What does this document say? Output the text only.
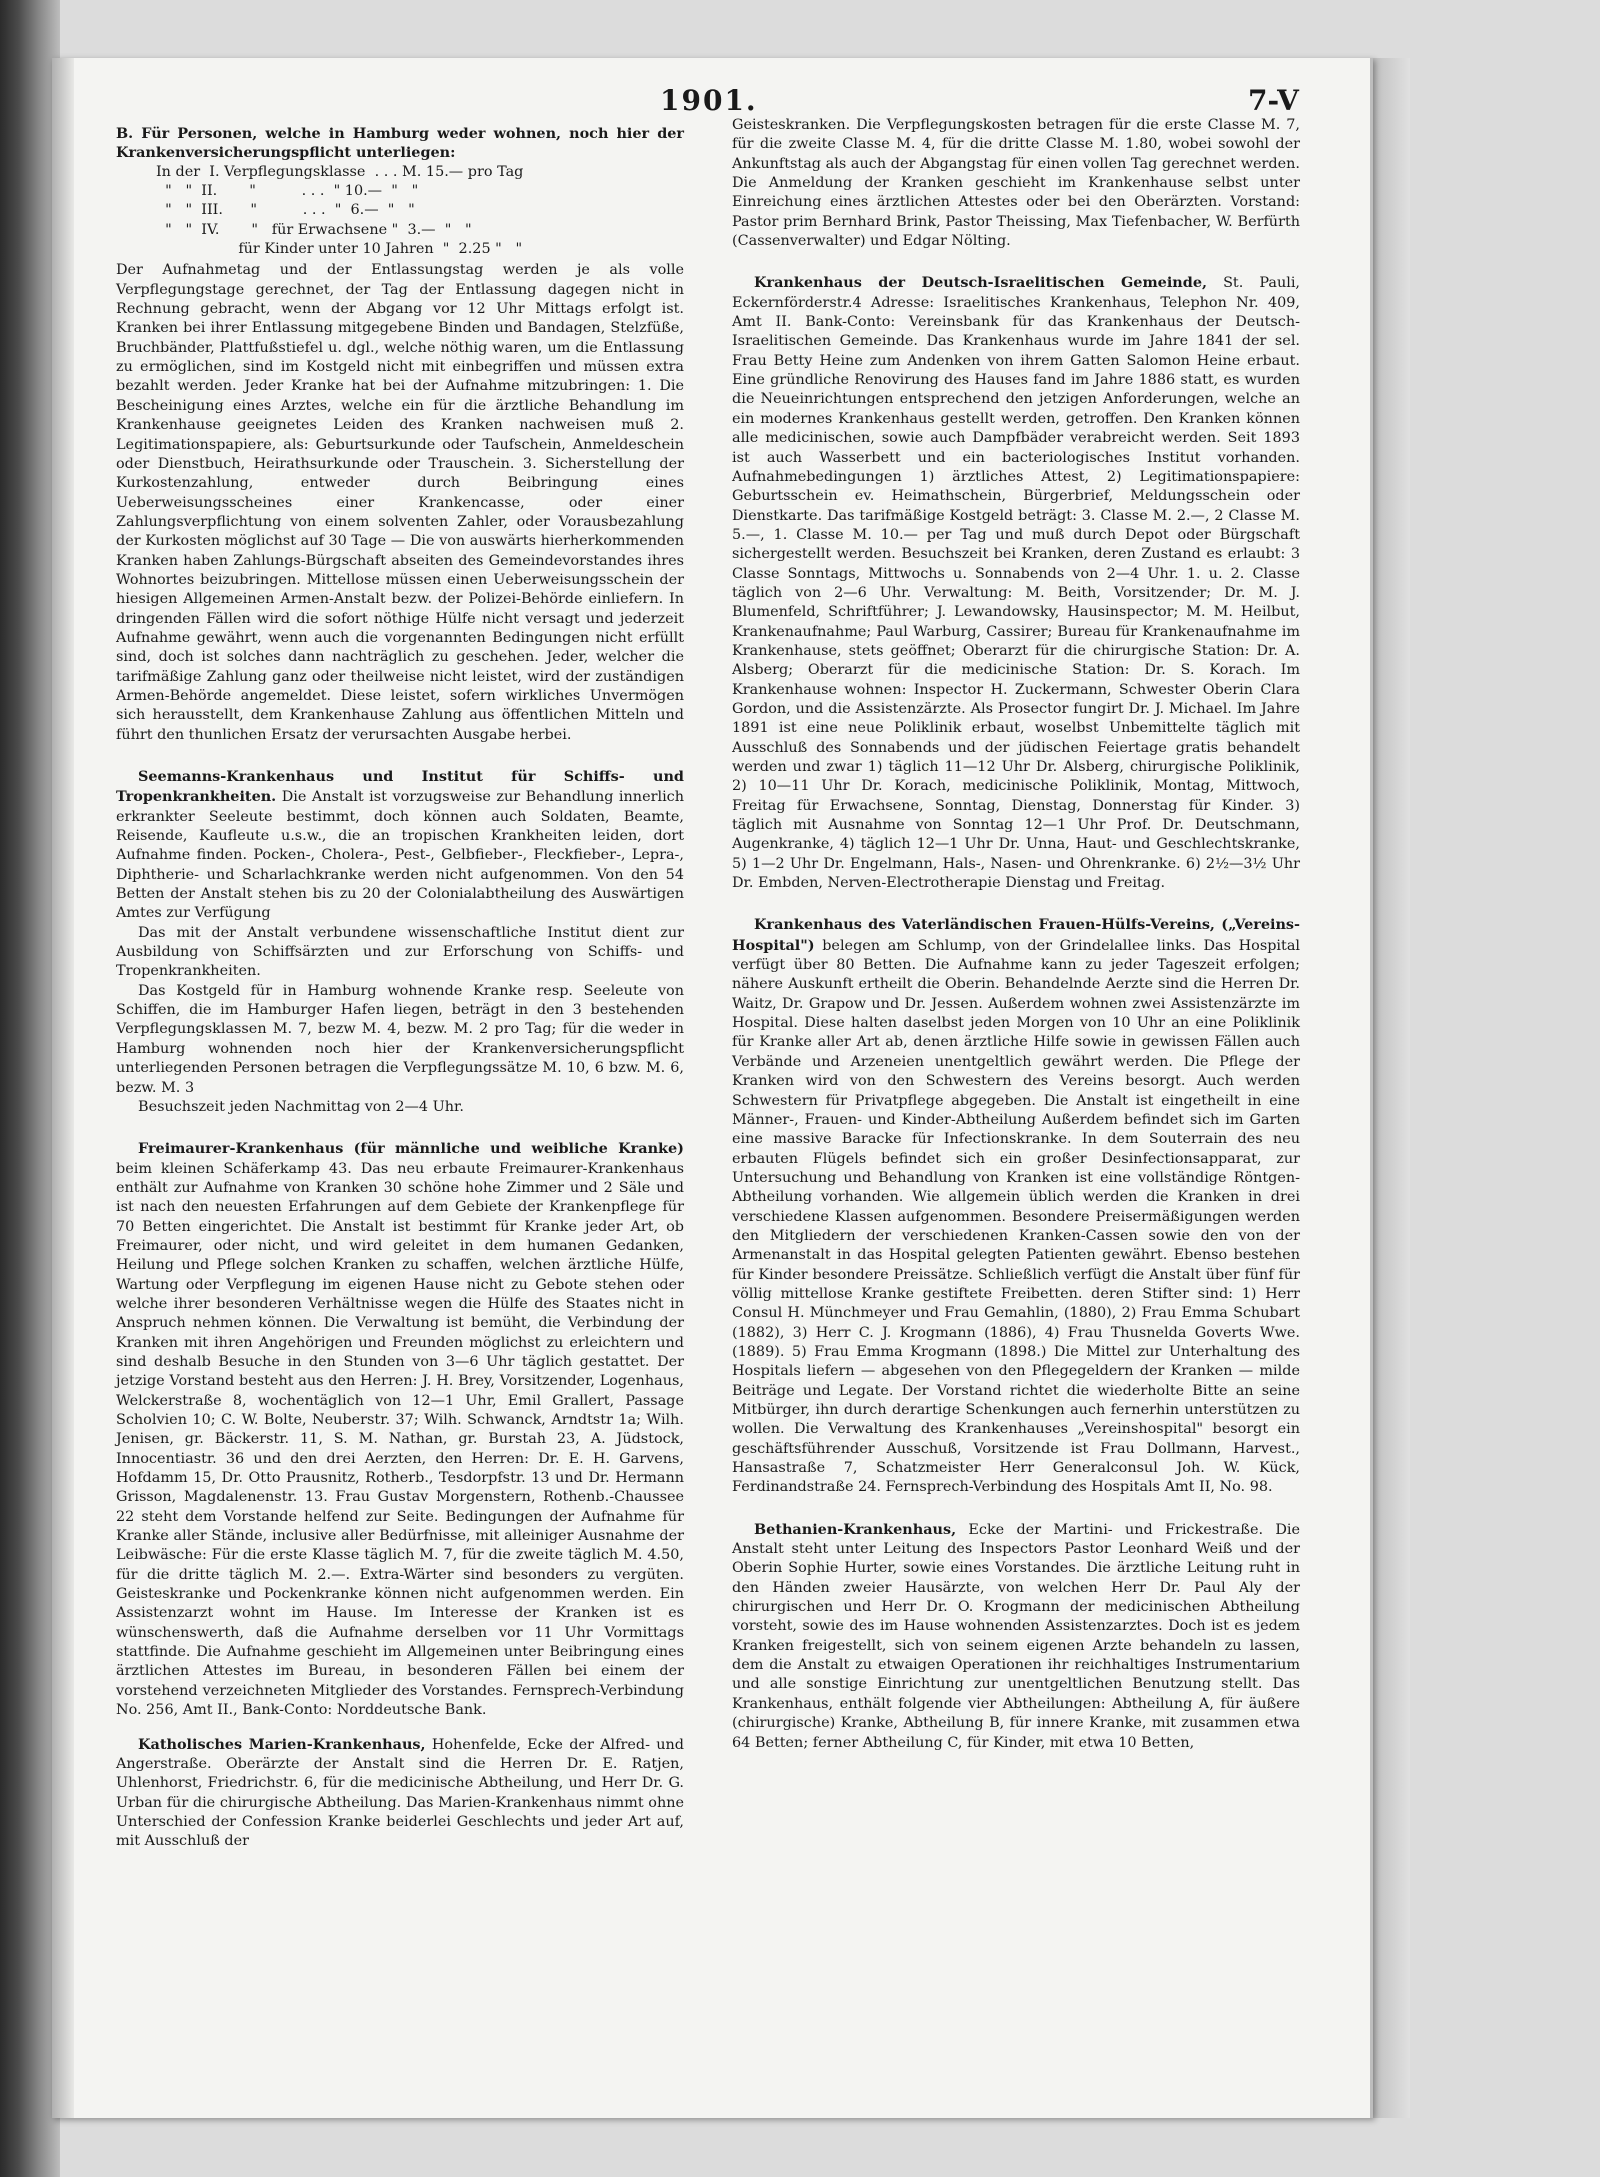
1901.	7-V

B. Für Personen, welche in Hamburg weder wohnen, noch hier der Krankenversicherungspflicht unterliegen:

In der  I. Verpflegungsklasse  . . . M. 15.— pro Tag
"   "  II.       "          . . .  " 10.—  "   "
"   "  III.      "          . . .  "  6.—  "   "
"   "  IV.       "   für Erwachsene "  3.—  "   "
für Kinder unter 10 Jahren  "  2.25 "   "

Der Aufnahmetag und der Entlassungstag werden je als volle Verpflegungstage gerechnet, der Tag der Entlassung dagegen nicht in Rechnung gebracht, wenn der Abgang vor 12 Uhr Mittags erfolgt ist. Kranken bei ihrer Entlassung mitgegebene Binden und Bandagen, Stelzfüße, Bruchbänder, Plattfußstiefel u. dgl., welche nöthig waren, um die Entlassung zu ermöglichen, sind im Kostgeld nicht mit einbegriffen und müssen extra bezahlt werden. Jeder Kranke hat bei der Aufnahme mitzubringen: 1. Die Bescheinigung eines Arztes, welche ein für die ärztliche Behandlung im Krankenhause geeignetes Leiden des Kranken nachweisen muß 2. Legitimationspapiere, als: Geburtsurkunde oder Taufschein, Anmeldeschein oder Dienstbuch, Heirathsurkunde oder Trauschein. 3. Sicherstellung der Kurkostenzahlung, entweder durch Beibringung eines Ueberweisungsscheines einer Krankencasse, oder einer Zahlungsverpflichtung von einem solventen Zahler, oder Vorausbezahlung der Kurkosten möglichst auf 30 Tage — Die von auswärts hierherkommenden Kranken haben Zahlungs-Bürgschaft abseiten des Gemeindevorstandes ihres Wohnortes beizubringen. Mittellose müssen einen Ueberweisungsschein der hiesigen Allgemeinen Armen-Anstalt bezw. der Polizei-Behörde einliefern. In dringenden Fällen wird die sofort nöthige Hülfe nicht versagt und jederzeit Aufnahme gewährt, wenn auch die vorgenannten Bedingungen nicht erfüllt sind, doch ist solches dann nachträglich zu geschehen. Jeder, welcher die tarifmäßige Zahlung ganz oder theilweise nicht leistet, wird der zuständigen Armen-Behörde angemeldet. Diese leistet, sofern wirkliches Unvermögen sich herausstellt, dem Krankenhause Zahlung aus öffentlichen Mitteln und führt den thunlichen Ersatz der verursachten Ausgabe herbei.

Seemanns-Krankenhaus und Institut für Schiffs- und Tropenkrankheiten. Die Anstalt ist vorzugsweise zur Behandlung innerlich erkrankter Seeleute bestimmt, doch können auch Soldaten, Beamte, Reisende, Kaufleute u.s.w., die an tropischen Krankheiten leiden, dort Aufnahme finden. Pocken-, Cholera-, Pest-, Gelbfieber-, Fleckfieber-, Lepra-, Diphtherie- und Scharlachkranke werden nicht aufgenommen. Von den 54 Betten der Anstalt stehen bis zu 20 der Colonialabtheilung des Auswärtigen Amtes zur Verfügung

Das mit der Anstalt verbundene wissenschaftliche Institut dient zur Ausbildung von Schiffsärzten und zur Erforschung von Schiffs- und Tropenkrankheiten.

Das Kostgeld für in Hamburg wohnende Kranke resp. Seeleute von Schiffen, die im Hamburger Hafen liegen, beträgt in den 3 bestehenden Verpflegungsklassen M. 7, bezw M. 4, bezw. M. 2 pro Tag; für die weder in Hamburg wohnenden noch hier der Krankenversicherungspflicht unterliegenden Personen betragen die Verpflegungssätze M. 10, 6 bzw. M. 6, bezw. M. 3

Besuchszeit jeden Nachmittag von 2—4 Uhr.

Freimaurer-Krankenhaus (für männliche und weibliche Kranke) beim kleinen Schäferkamp 43. Das neu erbaute Freimaurer-Krankenhaus enthält zur Aufnahme von Kranken 30 schöne hohe Zimmer und 2 Säle und ist nach den neuesten Erfahrungen auf dem Gebiete der Krankenpflege für 70 Betten eingerichtet. Die Anstalt ist bestimmt für Kranke jeder Art, ob Freimaurer, oder nicht, und wird geleitet in dem humanen Gedanken, Heilung und Pflege solchen Kranken zu schaffen, welchen ärztliche Hülfe, Wartung oder Verpflegung im eigenen Hause nicht zu Gebote stehen oder welche ihrer besonderen Verhältnisse wegen die Hülfe des Staates nicht in Anspruch nehmen können. Die Verwaltung ist bemüht, die Verbindung der Kranken mit ihren Angehörigen und Freunden möglichst zu erleichtern und sind deshalb Besuche in den Stunden von 3—6 Uhr täglich gestattet. Der jetzige Vorstand besteht aus den Herren: J. H. Brey, Vorsitzender, Logenhaus, Welckerstraße 8, wochentäglich von 12—1 Uhr, Emil Grallert, Passage Scholvien 10; C. W. Bolte, Neuberstr. 37; Wilh. Schwanck, Arndtstr 1a; Wilh. Jenisen, gr. Bäckerstr. 11, S. M. Nathan, gr. Burstah 23, A. Jüdstock, Innocentiastr. 36 und den drei Aerzten, den Herren: Dr. E. H. Garvens, Hofdamm 15, Dr. Otto Prausnitz, Rotherb., Tesdorpfstr. 13 und Dr. Hermann Grisson, Magdalenenstr. 13. Frau Gustav Morgenstern, Rothenb.-Chaussee 22 steht dem Vorstande helfend zur Seite. Bedingungen der Aufnahme für Kranke aller Stände, inclusive aller Bedürfnisse, mit alleiniger Ausnahme der Leibwäsche: Für die erste Klasse täglich M. 7, für die zweite täglich M. 4.50, für die dritte täglich M. 2.—. Extra-Wärter sind besonders zu vergüten. Geisteskranke und Pockenkranke können nicht aufgenommen werden. Ein Assistenzarzt wohnt im Hause. Im Interesse der Kranken ist es wünschenswerth, daß die Aufnahme derselben vor 11 Uhr Vormittags stattfinde. Die Aufnahme geschieht im Allgemeinen unter Beibringung eines ärztlichen Attestes im Bureau, in besonderen Fällen bei einem der vorstehend verzeichneten Mitglieder des Vorstandes. Fernsprech-Verbindung No. 256, Amt II., Bank-Conto: Norddeutsche Bank.

Katholisches Marien-Krankenhaus, Hohenfelde, Ecke der Alfred- und Angerstraße. Oberärzte der Anstalt sind die Herren Dr. E. Ratjen, Uhlenhorst, Friedrichstr. 6, für die medicinische Abtheilung, und Herr Dr. G. Urban für die chirurgische Abtheilung. Das Marien-Krankenhaus nimmt ohne Unterschied der Confession Kranke beiderlei Geschlechts und jeder Art auf, mit Ausschluß der

Geisteskranken. Die Verpflegungskosten betragen für die erste Classe M. 7, für die zweite Classe M. 4, für die dritte Classe M. 1.80, wobei sowohl der Ankunftstag als auch der Abgangstag für einen vollen Tag gerechnet werden. Die Anmeldung der Kranken geschieht im Krankenhause selbst unter Einreichung eines ärztlichen Attestes oder bei den Oberärzten. Vorstand: Pastor prim Bernhard Brink, Pastor Theissing, Max Tiefenbacher, W. Berfürth (Cassenverwalter) und Edgar Nölting.

Krankenhaus der Deutsch-Israelitischen Gemeinde, St. Pauli, Eckernförderstr.4 Adresse: Israelitisches Krankenhaus, Telephon Nr. 409, Amt II. Bank-Conto: Vereinsbank für das Krankenhaus der Deutsch-Israelitischen Gemeinde. Das Krankenhaus wurde im Jahre 1841 der sel. Frau Betty Heine zum Andenken von ihrem Gatten Salomon Heine erbaut. Eine gründliche Renovirung des Hauses fand im Jahre 1886 statt, es wurden die Neueinrichtungen entsprechend den jetzigen Anforderungen, welche an ein modernes Krankenhaus gestellt werden, getroffen. Den Kranken können alle medicinischen, sowie auch Dampfbäder verabreicht werden. Seit 1893 ist auch Wasserbett und ein bacteriologisches Institut vorhanden. Aufnahmebedingungen 1) ärztliches Attest, 2) Legitimationspapiere: Geburtsschein ev. Heimathschein, Bürgerbrief, Meldungsschein oder Dienstkarte. Das tarifmäßige Kostgeld beträgt: 3. Classe M. 2.—, 2 Classe M. 5.—, 1. Classe M. 10.— per Tag und muß durch Depot oder Bürgschaft sichergestellt werden. Besuchszeit bei Kranken, deren Zustand es erlaubt: 3 Classe Sonntags, Mittwochs u. Sonnabends von 2—4 Uhr. 1. u. 2. Classe täglich von 2—6 Uhr. Verwaltung: M. Beith, Vorsitzender; Dr. M. J. Blumenfeld, Schriftführer; J. Lewandowsky, Hausinspector; M. M. Heilbut, Krankenaufnahme; Paul Warburg, Cassirer; Bureau für Krankenaufnahme im Krankenhause, stets geöffnet; Oberarzt für die chirurgische Station: Dr. A. Alsberg; Oberarzt für die medicinische Station: Dr. S. Korach. Im Krankenhause wohnen: Inspector H. Zuckermann, Schwester Oberin Clara Gordon, und die Assistenzärzte. Als Prosector fungirt Dr. J. Michael. Im Jahre 1891 ist eine neue Poliklinik erbaut, woselbst Unbemittelte täglich mit Ausschluß des Sonnabends und der jüdischen Feiertage gratis behandelt werden und zwar 1) täglich 11—12 Uhr Dr. Alsberg, chirurgische Poliklinik, 2) 10—11 Uhr Dr. Korach, medicinische Poliklinik, Montag, Mittwoch, Freitag für Erwachsene, Sonntag, Dienstag, Donnerstag für Kinder. 3) täglich mit Ausnahme von Sonntag 12—1 Uhr Prof. Dr. Deutschmann, Augenkranke, 4) täglich 12—1 Uhr Dr. Unna, Haut- und Geschlechtskranke, 5) 1—2 Uhr Dr. Engelmann, Hals-, Nasen- und Ohrenkranke. 6) 2½—3½ Uhr Dr. Embden, Nerven-Electrotherapie Dienstag und Freitag.

Krankenhaus des Vaterländischen Frauen-Hülfs-Vereins, („Vereins-Hospital") belegen am Schlump, von der Grindelallee links. Das Hospital verfügt über 80 Betten. Die Aufnahme kann zu jeder Tageszeit erfolgen; nähere Auskunft ertheilt die Oberin. Behandelnde Aerzte sind die Herren Dr. Waitz, Dr. Grapow und Dr. Jessen. Außerdem wohnen zwei Assistenzärzte im Hospital. Diese halten daselbst jeden Morgen von 10 Uhr an eine Poliklinik für Kranke aller Art ab, denen ärztliche Hilfe sowie in gewissen Fällen auch Verbände und Arzeneien unentgeltlich gewährt werden. Die Pflege der Kranken wird von den Schwestern des Vereins besorgt. Auch werden Schwestern für Privatpflege abgegeben. Die Anstalt ist eingetheilt in eine Männer-, Frauen- und Kinder-Abtheilung Außerdem befindet sich im Garten eine massive Baracke für Infectionskranke. In dem Souterrain des neu erbauten Flügels befindet sich ein großer Desinfectionsapparat, zur Untersuchung und Behandlung von Kranken ist eine vollständige Röntgen-Abtheilung vorhanden. Wie allgemein üblich werden die Kranken in drei verschiedene Klassen aufgenommen. Besondere Preisermäßigungen werden den Mitgliedern der verschiedenen Kranken-Cassen sowie den von der Armenanstalt in das Hospital gelegten Patienten gewährt. Ebenso bestehen für Kinder besondere Preissätze. Schließlich verfügt die Anstalt über fünf für völlig mittellose Kranke gestiftete Freibetten. deren Stifter sind: 1) Herr Consul H. Münchmeyer und Frau Gemahlin, (1880), 2) Frau Emma Schubart (1882), 3) Herr C. J. Krogmann (1886), 4) Frau Thusnelda Goverts Wwe. (1889). 5) Frau Emma Krogmann (1898.) Die Mittel zur Unterhaltung des Hospitals liefern — abgesehen von den Pflegegeldern der Kranken — milde Beiträge und Legate. Der Vorstand richtet die wiederholte Bitte an seine Mitbürger, ihn durch derartige Schenkungen auch fernerhin unterstützen zu wollen. Die Verwaltung des Krankenhauses „Vereinshospital" besorgt ein geschäftsführender Ausschuß, Vorsitzende ist Frau Dollmann, Harvest., Hansastraße 7, Schatzmeister Herr Generalconsul Joh. W. Kück, Ferdinandstraße 24. Fernsprech-Verbindung des Hospitals Amt II, No. 98.

Bethanien-Krankenhaus, Ecke der Martini- und Frickestraße. Die Anstalt steht unter Leitung des Inspectors Pastor Leonhard Weiß und der Oberin Sophie Hurter, sowie eines Vorstandes. Die ärztliche Leitung ruht in den Händen zweier Hausärzte, von welchen Herr Dr. Paul Aly der chirurgischen und Herr Dr. O. Krogmann der medicinischen Abtheilung vorsteht, sowie des im Hause wohnenden Assistenzarztes. Doch ist es jedem Kranken freigestellt, sich von seinem eigenen Arzte behandeln zu lassen, dem die Anstalt zu etwaigen Operationen ihr reichhaltiges Instrumentarium und alle sonstige Einrichtung zur unentgeltlichen Benutzung stellt. Das Krankenhaus, enthält folgende vier Abtheilungen: Abtheilung A, für äußere (chirurgische) Kranke, Abtheilung B, für innere Kranke, mit zusammen etwa 64 Betten; ferner Abtheilung C, für Kinder, mit etwa 10 Betten,
